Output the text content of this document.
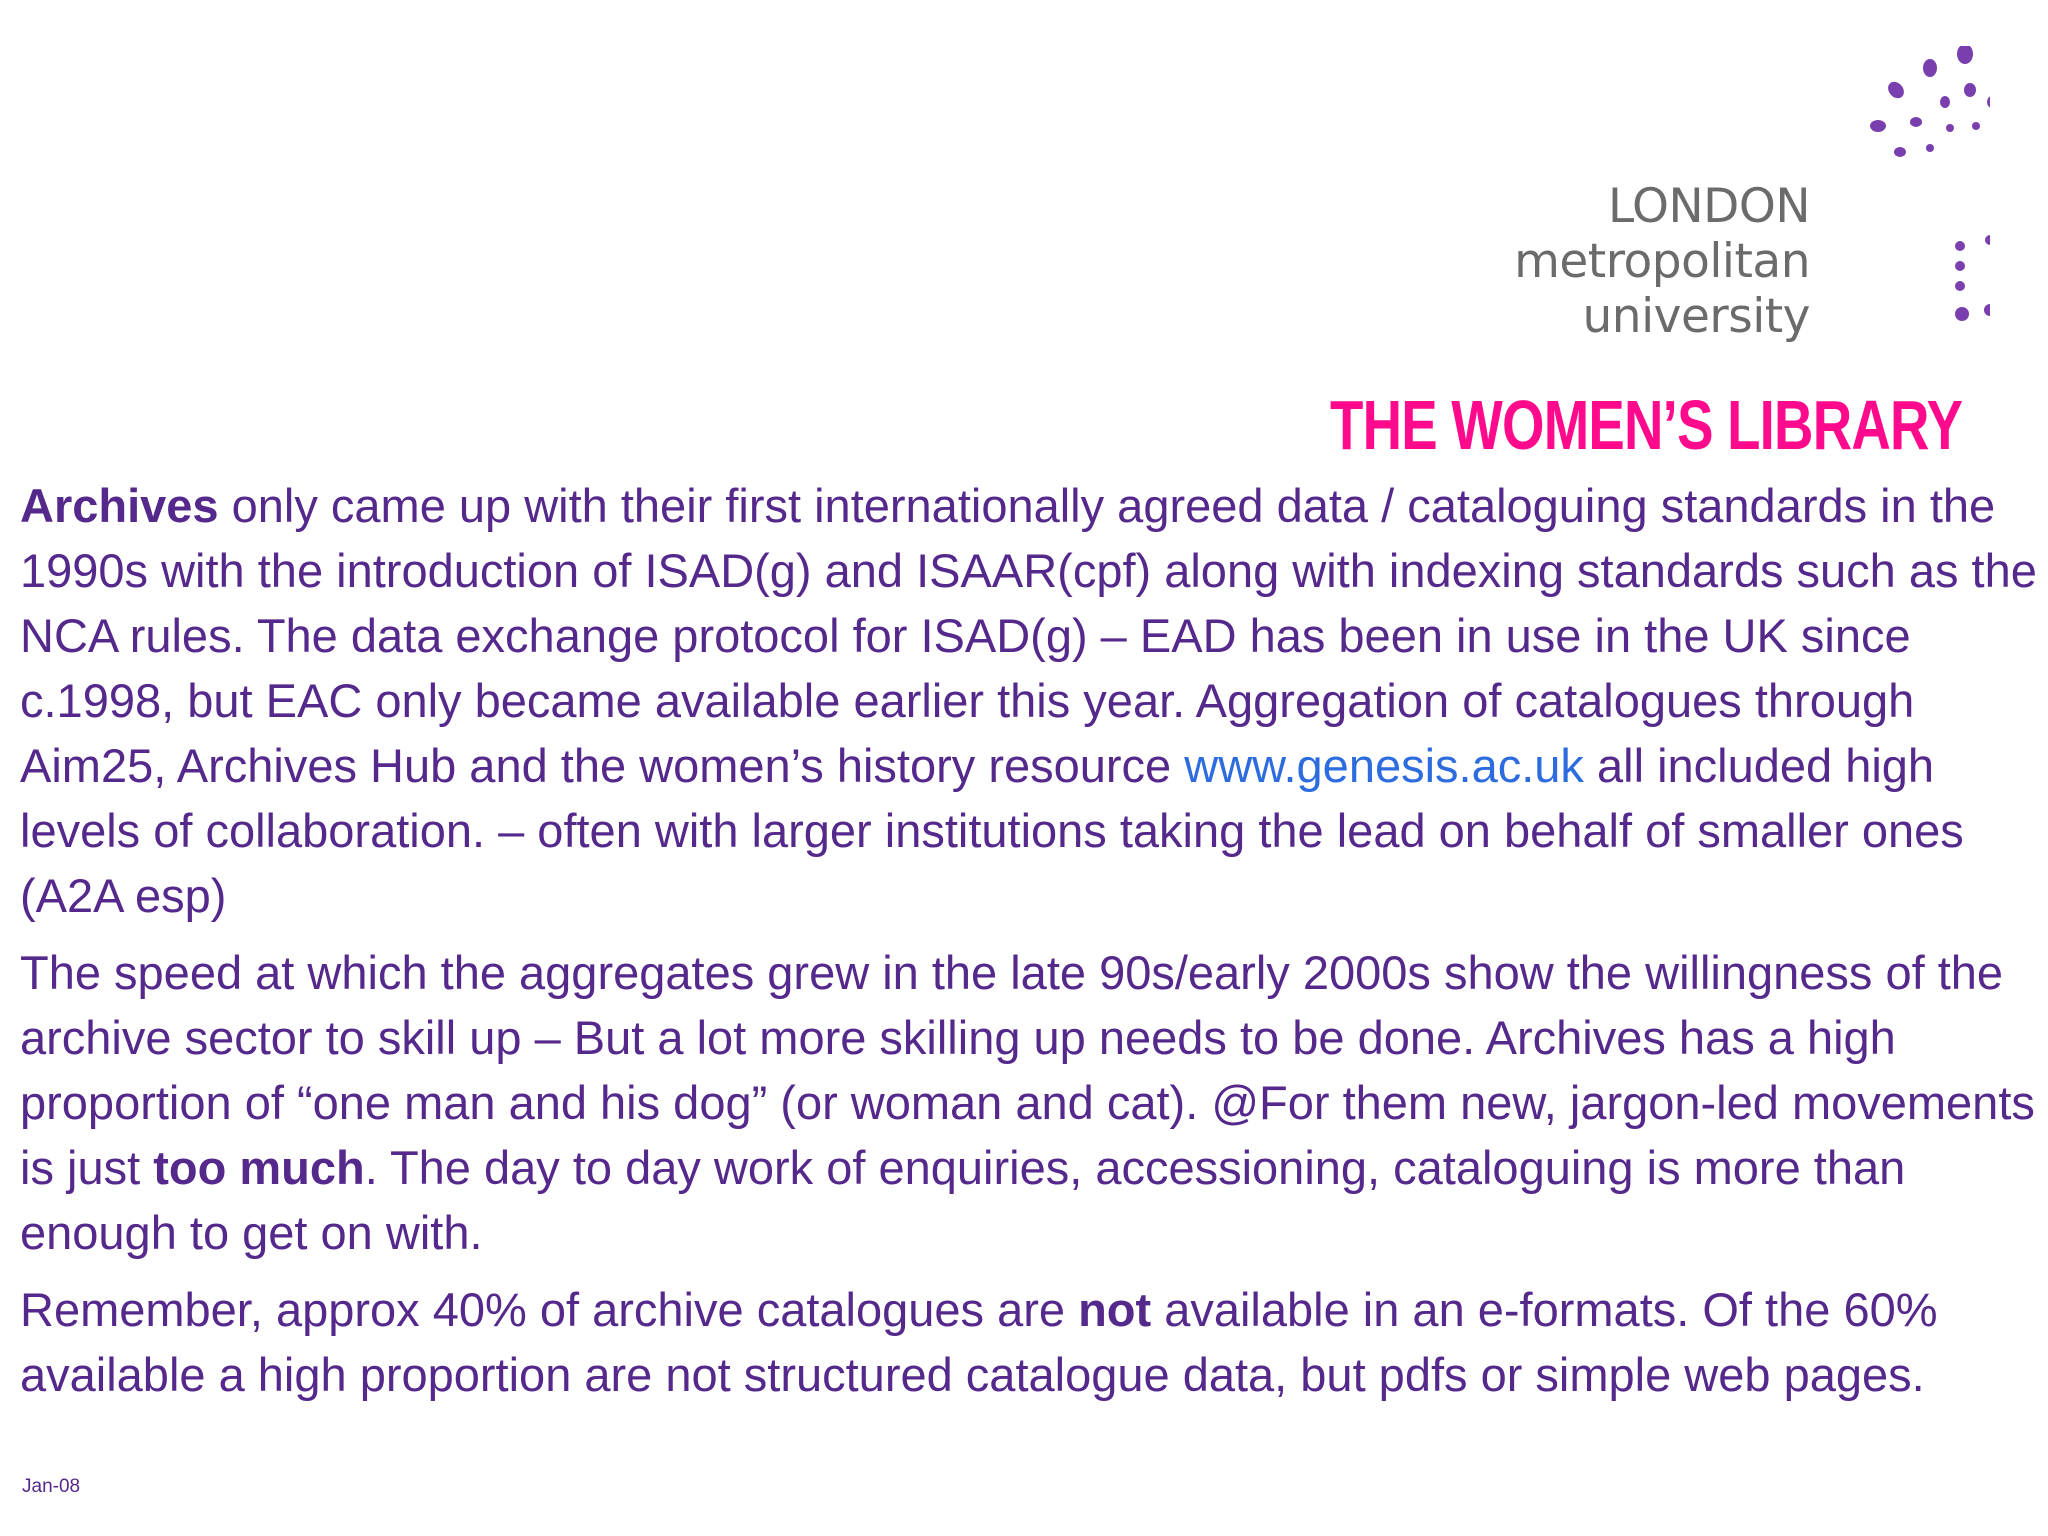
LONDON
metropolitan
university
THE WOMEN’S LIBRARY

Archives only came up with their first internationally agreed data / cataloguing standards in the 1990s with the introduction of ISAD(g) and ISAAR(cpf) along with indexing standards such as the NCA rules. The data exchange protocol for ISAD(g) – EAD has been in use in the UK since c.1998, but EAC only became available earlier this year. Aggregation of catalogues through Aim25, Archives Hub and the women’s history resource www.genesis.ac.uk all included high levels of collaboration. – often with larger institutions taking the lead on behalf of smaller ones (A2A esp)

The speed at which the aggregates grew in the late 90s/early 2000s show the willingness of the archive sector to skill up – But a lot more skilling up needs to be done. Archives has a high proportion of “one man and his dog” (or woman and cat). @For them new, jargon-led movements is just too much. The day to day work of enquiries, accessioning, cataloguing is more than enough to get on with.

Remember, approx 40% of archive catalogues are not available in an e-formats. Of the 60% available a high proportion are not structured catalogue data, but pdfs or simple web pages.

Jan-08
